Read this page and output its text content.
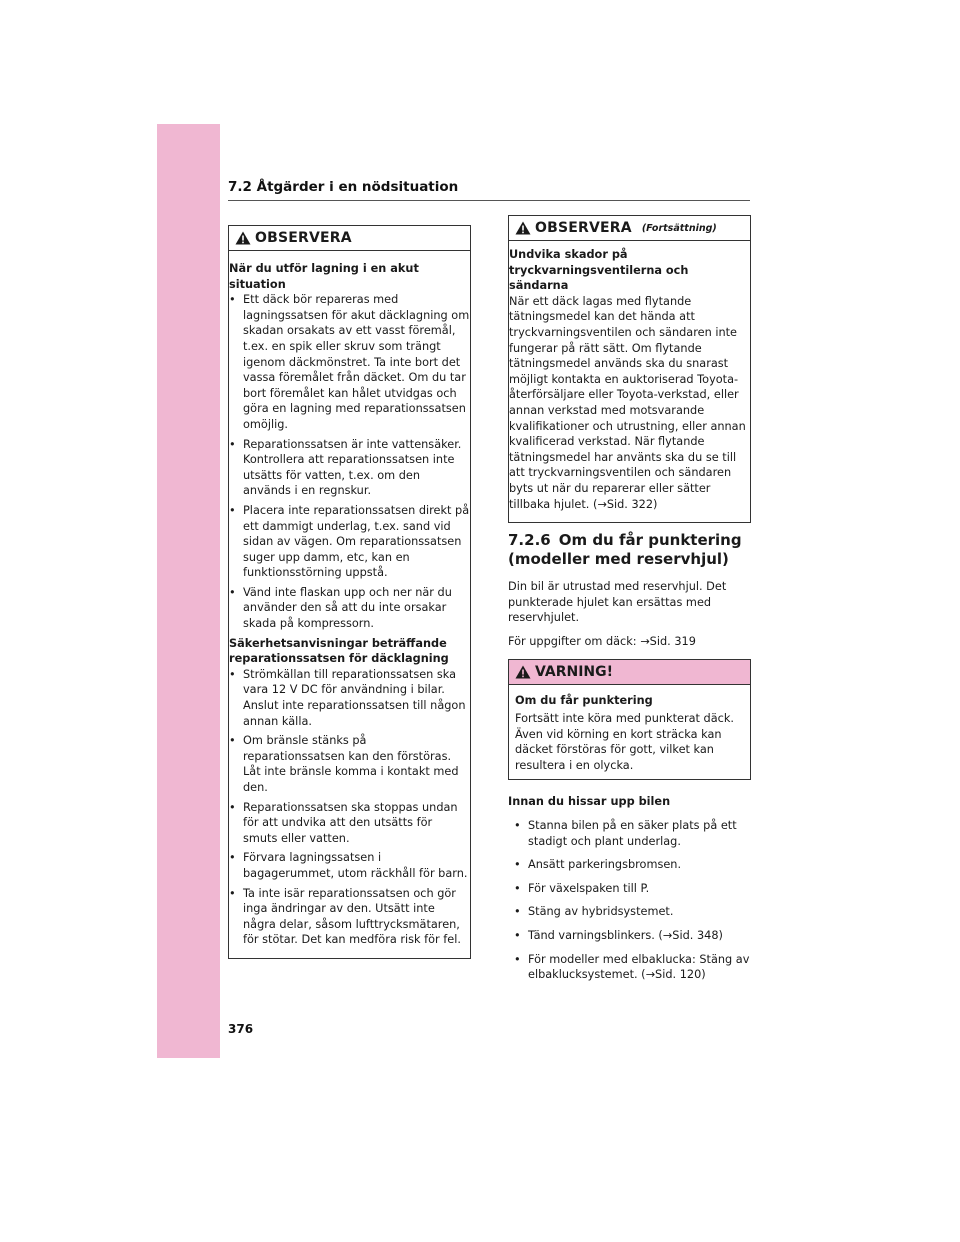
7.2 Åtgärder i en nödsituation
OBSERVERA
När du utför lagning i en akut situation
• Ett däck bör repareras med lagningssatsen för akut däcklagning om skadan orsakats av ett vasst föremål, t.ex. en spik eller skruv som trängt igenom däckmönstret. Ta inte bort det vassa föremålet från däcket. Om du tar bort föremålet kan hålet utvidgas och göra en lagning med reparationssatsen omöjlig.
• Reparationssatsen är inte vattensäker. Kontrollera att reparationssatsen inte utsätts för vatten, t.ex. om den används i en regnskur.
• Placera inte reparationssatsen direkt på ett dammigt underlag, t.ex. sand vid sidan av vägen. Om reparationssatsen suger upp damm, etc, kan en funktionsstörning uppstå.
• Vänd inte flaskan upp och ner när du använder den så att du inte orsakar skada på kompressorn.
Säkerhetsanvisningar beträffande reparationssatsen för däcklagning
• Strömkällan till reparationssatsen ska vara 12 V DC för användning i bilar. Anslut inte reparationssatsen till någon annan källa.
• Om bränsle stänks på reparationssatsen kan den förstöras. Låt inte bränsle komma i kontakt med den.
• Reparationssatsen ska stoppas undan för att undvika att den utsätts för smuts eller vatten.
• Förvara lagningssatsen i bagagerummet, utom räckhåll för barn.
• Ta inte isär reparationssatsen och gör inga ändringar av den. Utsätt inte några delar, såsom lufttrycksmätaren, för stötar. Det kan medföra risk för fel.
OBSERVERA (Fortsättning)
Undvika skador på tryckvarningsventilerna och sändarna

När ett däck lagas med flytande tätningsmedel kan det hända att tryckvarningsventilen och sändaren inte fungerar på rätt sätt. Om flytande tätningsmedel används ska du snarast möjligt kontakta en auktoriserad Toyota-återförsäljare eller Toyota-verkstad, eller annan verkstad med motsvarande kvalifikationer och utrustning, eller annan kvalificerad verkstad. När flytande tätningsmedel har använts ska du se till att tryckvarningsventilen och sändaren byts ut när du reparerar eller sätter tillbaka hjulet. (→Sid. 322)

7.2.6 Om du får punktering (modeller med reservhjul)

Din bil är utrustad med reservhjul. Det punkterade hjulet kan ersättas med reservhjulet.

För uppgifter om däck: →Sid. 319

VARNING!
Om du får punktering
Fortsätt inte köra med punkterat däck. Även vid körning en kort sträcka kan däcket förstöras för gott, vilket kan resultera i en olycka.
Innan du hissar upp bilen
• Stanna bilen på en säker plats på ett stadigt och plant underlag.
• Ansätt parkeringsbromsen.
• För växelspaken till P.
• Stäng av hybridsystemet.
• Tänd varningsblinkers. (→Sid. 348)
• För modeller med elbaklucka: Stäng av elbaklucksystemet. (→Sid. 120)
376
